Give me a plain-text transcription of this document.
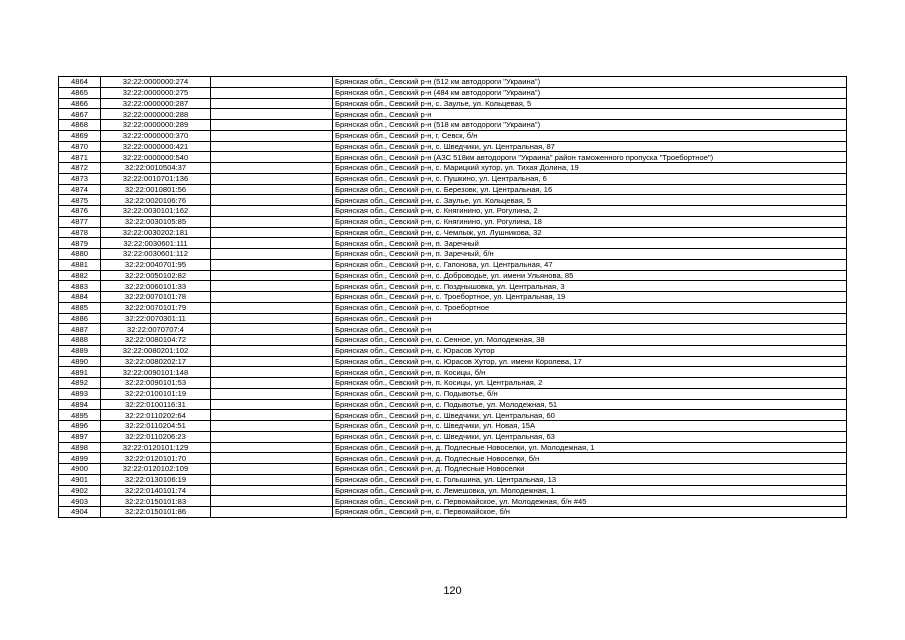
4864	32:22:0000000:274		Брянская обл., Севский р-н (512 км автодороги "Украина")
4865	32:22:0000000:275		Брянская обл., Севский р-н (484 км автодороги "Украина")
4866	32:22:0000000:287		Брянская обл., Севский р-н, с. Заулье, ул. Кольцевая, 5
4867	32:22:0000000:288		Брянская обл., Севский р-н
4868	32:22:0000000:289		Брянская обл., Севский р-н (518 км автодороги "Украина")
4869	32:22:0000000:370		Брянская обл., Севский р-н, г. Севск, б/н
4870	32:22:0000000:421		Брянская обл., Севский р-н, с. Шведчики, ул. Центральная, 87
4871	32:22:0000000:540		Брянская обл., Севский р-н (АЗС 518км автодороги "Украина" район таможенного пропуска "Троебортное")
4872	32:22:0010504:37		Брянская обл., Севский р-н, с. Марицкий хутор, ул. Тихая Долина, 19
4873	32:22:0010701:136		Брянская обл., Севский р-н, с. Пушкино, ул. Центральная, 6
4874	32:22:0010801:56		Брянская обл., Севский р-н, с. Березовк, ул. Центральная, 16
4875	32:22:0020106:76		Брянская обл., Севский р-н, с. Заулье, ул. Кольцевая, 5
4876	32:22:0030101:162		Брянская обл., Севский р-н, с. Княгинино, ул. Рогулина, 2
4877	32:22:0030105:85		Брянская обл., Севский р-н, с. Княгинино, ул. Рогулина, 18
4878	32:22:0030202:181		Брянская обл., Севский р-н, с. Чемлыж, ул. Лушникова, 32
4879	32:22:0030601:111		Брянская обл., Севский р-н, п. Заречный
4880	32:22:0030601:112		Брянская обл., Севский р-н, п. Заречный, б/н
4881	32:22:0040701:95		Брянская обл., Севский р-н, с. Гапонова, ул. Центральная, 47
4882	32:22:0050102:82		Брянская обл., Севский р-н, с. Доброводье, ул. имени Ульянова, 85
4883	32:22:0060101:33		Брянская обл., Севский р-н, с. Позднышовка, ул. Центральная, 3
4884	32:22:0070101:78		Брянская обл., Севский р-н, с. Троебортное, ул. Центральная, 19
4885	32:22:0070101:79		Брянская обл., Севский р-н, с. Троебортное
4886	32:22:0070301:11		Брянская обл., Севский р-н
4887	32:22:0070707:4		Брянская обл., Севский р-н
4888	32:22:0080104:72		Брянская обл., Севский р-н, с. Сенное, ул. Молодежная, 38
4889	32:22:0080201:102		Брянская обл., Севский р-н, с. Юрасов Хутор
4890	32:22:0080202:17		Брянская обл., Севский р-н, с. Юрасов Хутор, ул. имени Королева, 17
4891	32:22:0090101:148		Брянская обл., Севский р-н, п. Косицы, б/н
4892	32:22:0090101:53		Брянская обл., Севский р-н, п. Косицы, ул. Центральная, 2
4893	32:22:0100101:19		Брянская обл., Севский р-н, с. Подывотье, б/н
4894	32:22:0100116:31		Брянская обл., Севский р-н, с. Подывотье, ул. Молодежная, 51
4895	32:22:0110202:64		Брянская обл., Севский р-н, с. Шведчики, ул. Центральная, 60
4896	32:22:0110204:51		Брянская обл., Севский р-н, с. Шведчики, ул. Новая, 15А
4897	32:22:0110206:23		Брянская обл., Севский р-н, с. Шведчики, ул. Центральная, 63
4898	32:22:0120101:129		Брянская обл., Севский р-н, д. Подлесные Новоселки, ул. Молодежная, 1
4899	32:22:0120101:70		Брянская обл., Севский р-н, д. Подлесные Новоселки, б/н
4900	32:22:0120102:109		Брянская обл., Севский р-н, д. Подлесные Новоселки
4901	32:22:0130106:19		Брянская обл., Севский р-н, с. Голышина, ул. Центральная, 13
4902	32:22:0140101:74		Брянская обл., Севский р-н, с. Лемешовка, ул. Молодежная, 1
4903	32:22:0150101:83		Брянская обл., Севский р-н, с. Первомайское, ул. Молодежная, б/н #45
4904	32:22:0150101:86		Брянская обл., Севский р-н, с. Первомайское, б/н
120
